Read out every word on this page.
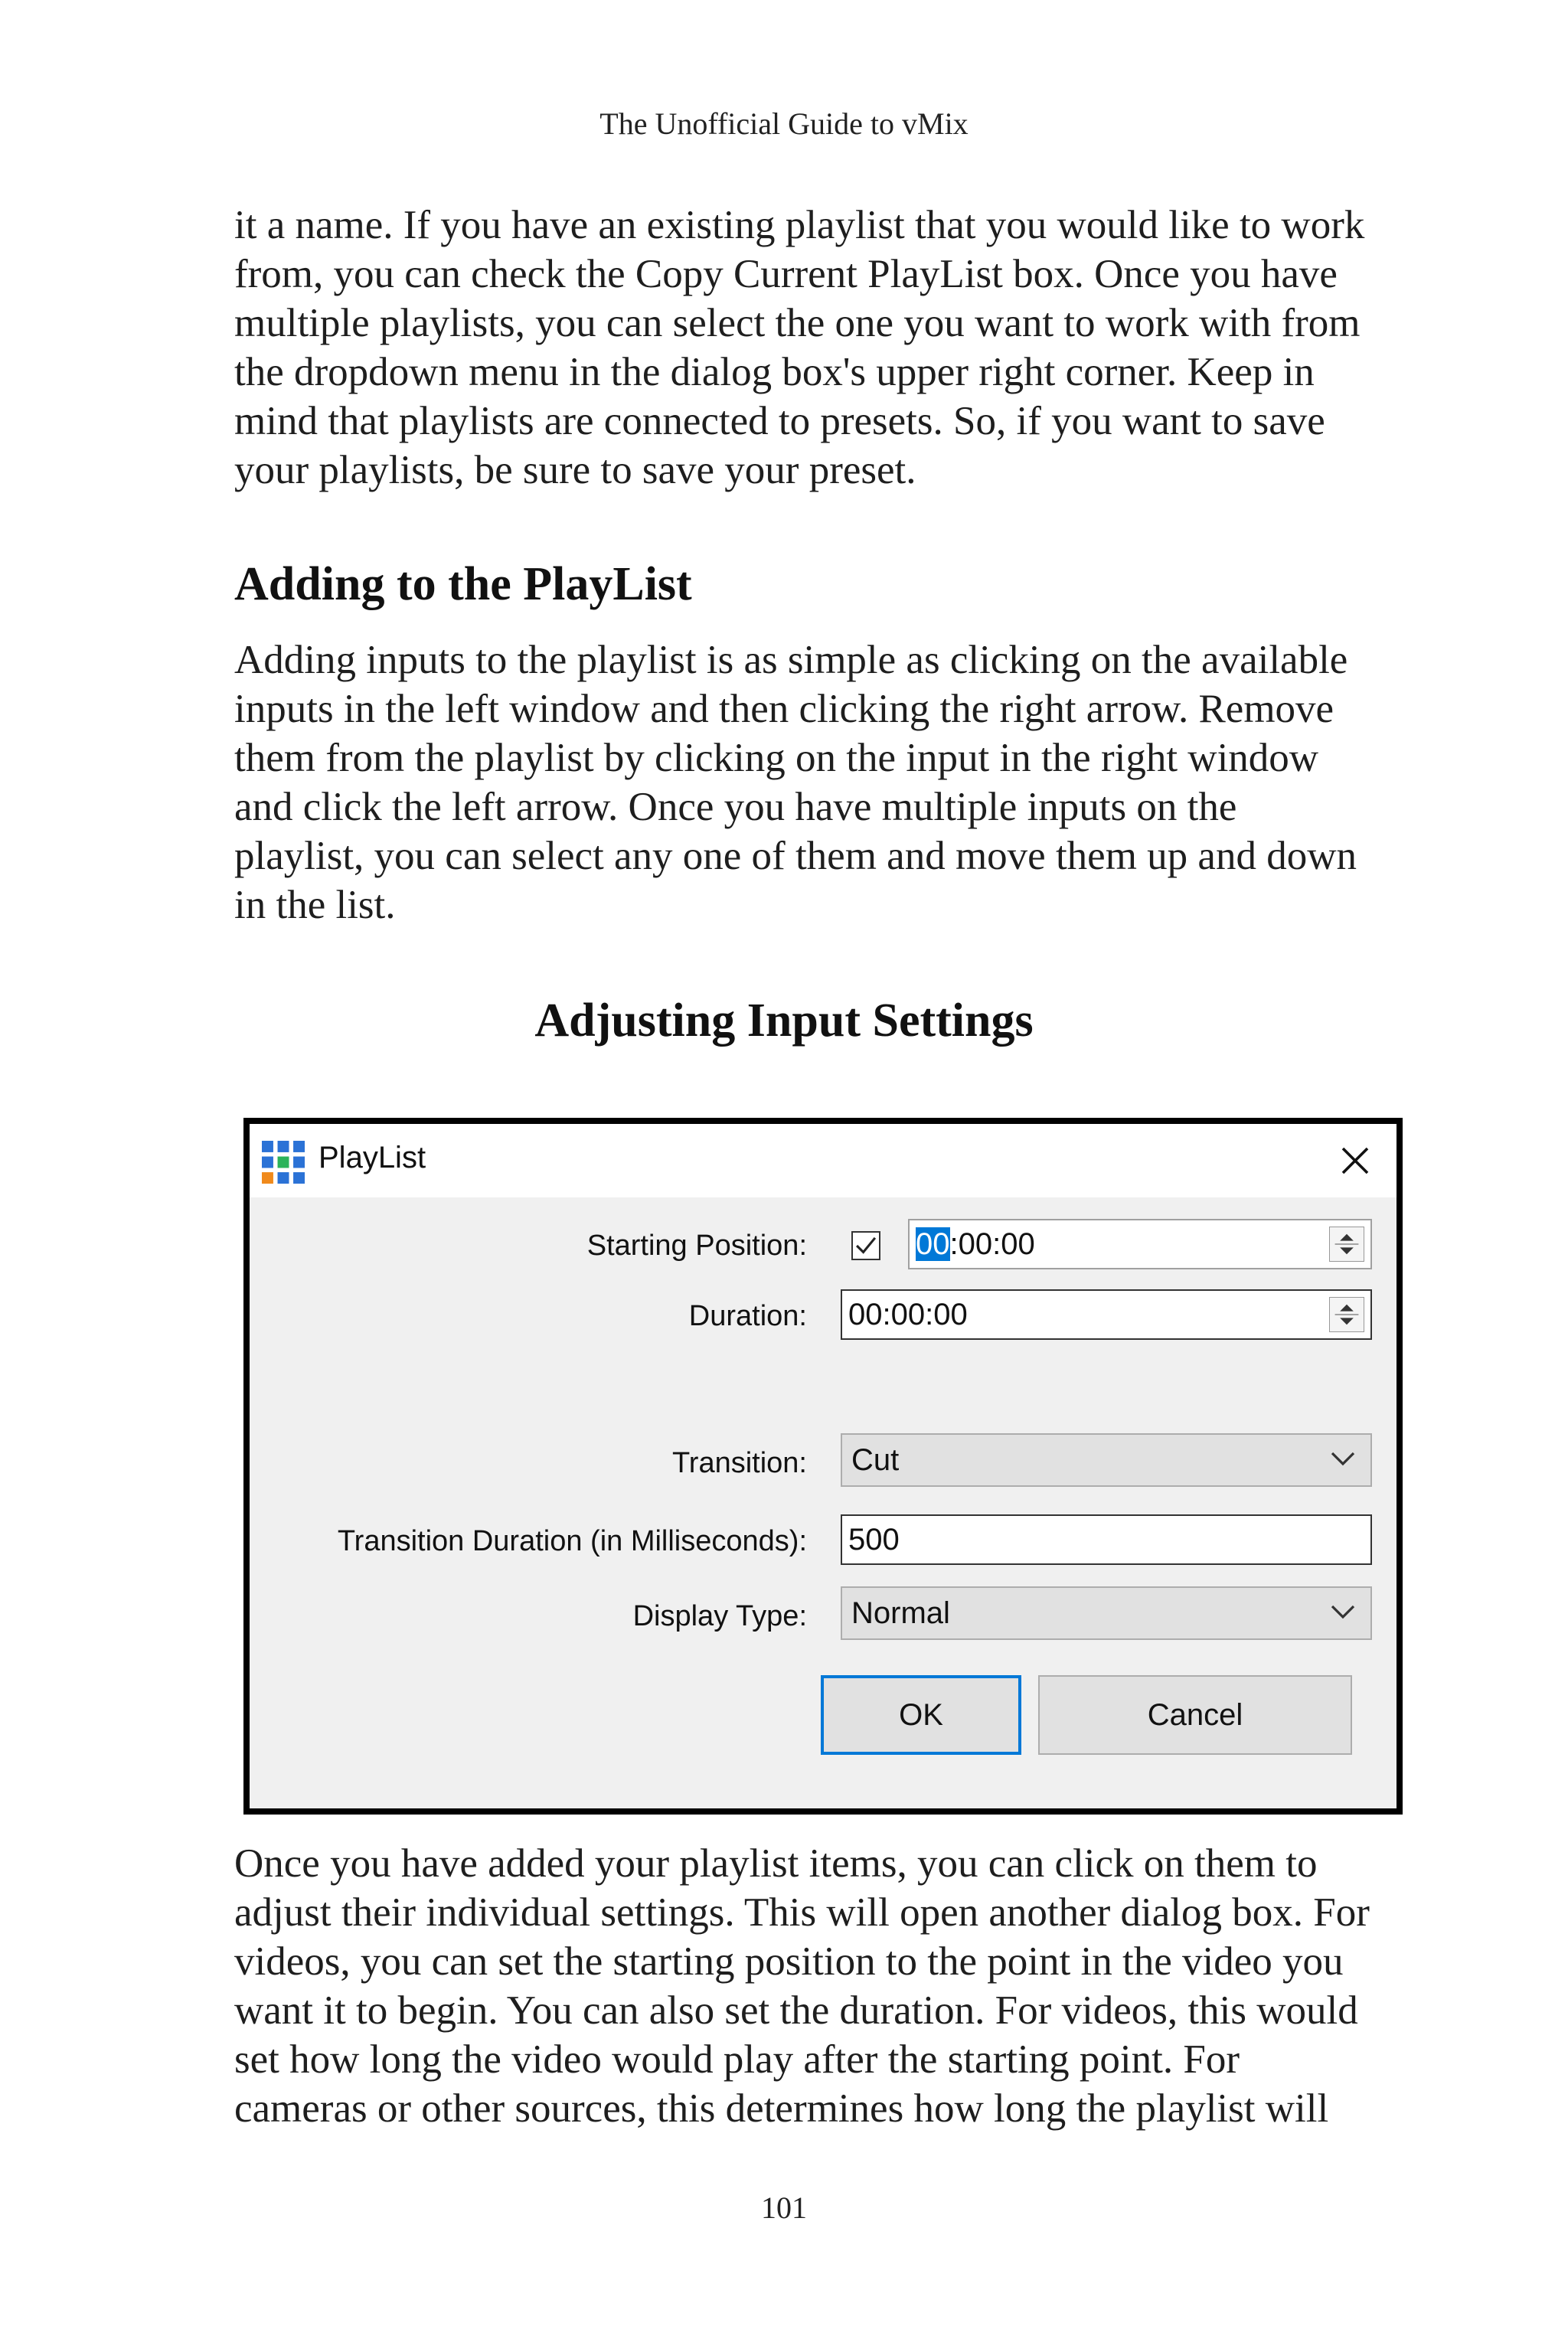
The Unofficial Guide to vMix

it a name. If you have an existing playlist that you would like to work
from, you can check the Copy Current PlayList box. Once you have
multiple playlists, you can select the one you want to work with from
the dropdown menu in the dialog box's upper right corner. Keep in
mind that playlists are connected to presets. So, if you want to save
your playlists, be sure to save your preset.

Adding to the PlayList

Adding inputs to the playlist is as simple as clicking on the available
inputs in the left window and then clicking the right arrow. Remove
them from the playlist by clicking on the input in the right window
and click the left arrow. Once you have multiple inputs on the
playlist, you can select any one of them and move them up and down
in the list.

Adjusting Input Settings
PlayList
Starting Position:	00:00:00
Duration: 00:00:00
Transition:	Cut
Transition Duration (in Milliseconds): 500
Display Type:	Normal
OK	Cancel

Once you have added your playlist items, you can click on them to
adjust their individual settings. This will open another dialog box. For
videos, you can set the starting position to the point in the video you
want it to begin. You can also set the duration. For videos, this would
set how long the video would play after the starting point. For
cameras or other sources, this determines how long the playlist will

101
